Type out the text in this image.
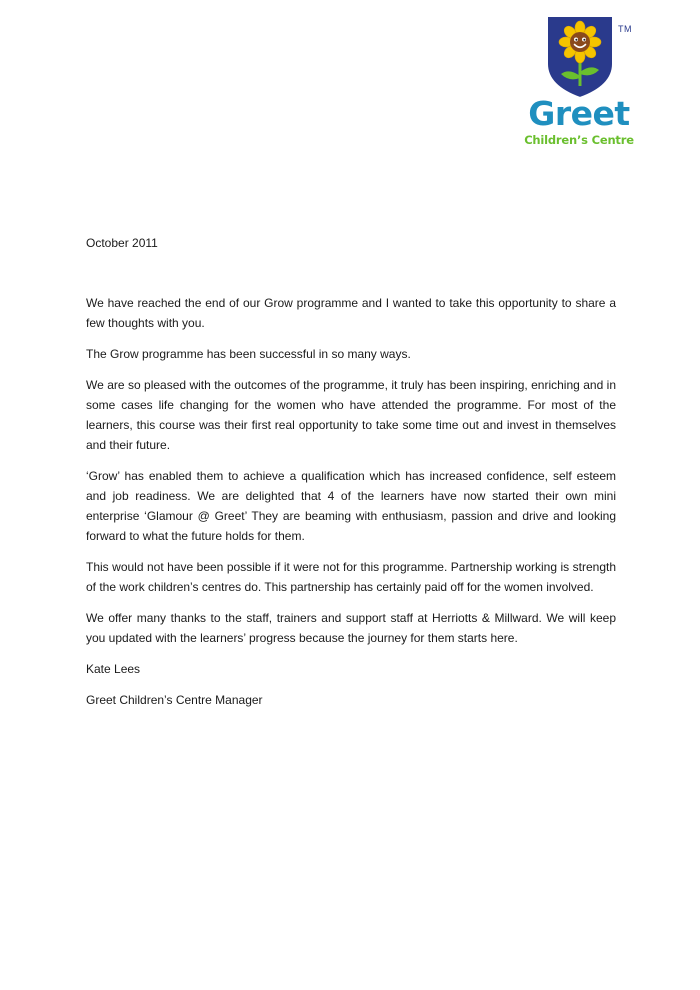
TM
Greet
Children’s Centre

October 2011

We have reached the end of our Grow programme and I wanted to take this opportunity to share a few thoughts with you.

The Grow programme has been successful in so many ways.

We are so pleased with the outcomes of the programme, it truly has been inspiring, enriching and in some cases life changing for the women who have attended the programme. For most of the learners, this course was their first real opportunity to take some time out and invest in themselves and their future.

‘Grow’ has enabled them to achieve a qualification which has increased confidence, self esteem and job readiness. We are delighted that 4 of the learners have now started their own mini enterprise ‘Glamour @ Greet’ They are beaming with enthusiasm, passion and drive and looking forward to what the future holds for them.

This would not have been possible if it were not for this programme. Partnership working is strength of the work children’s centres do. This partnership has certainly paid off for the women involved.

We offer many thanks to the staff, trainers and support staff at Herriotts & Millward. We will keep you updated with the learners’ progress because the journey for them starts here.

Kate Lees

Greet Children’s Centre Manager
